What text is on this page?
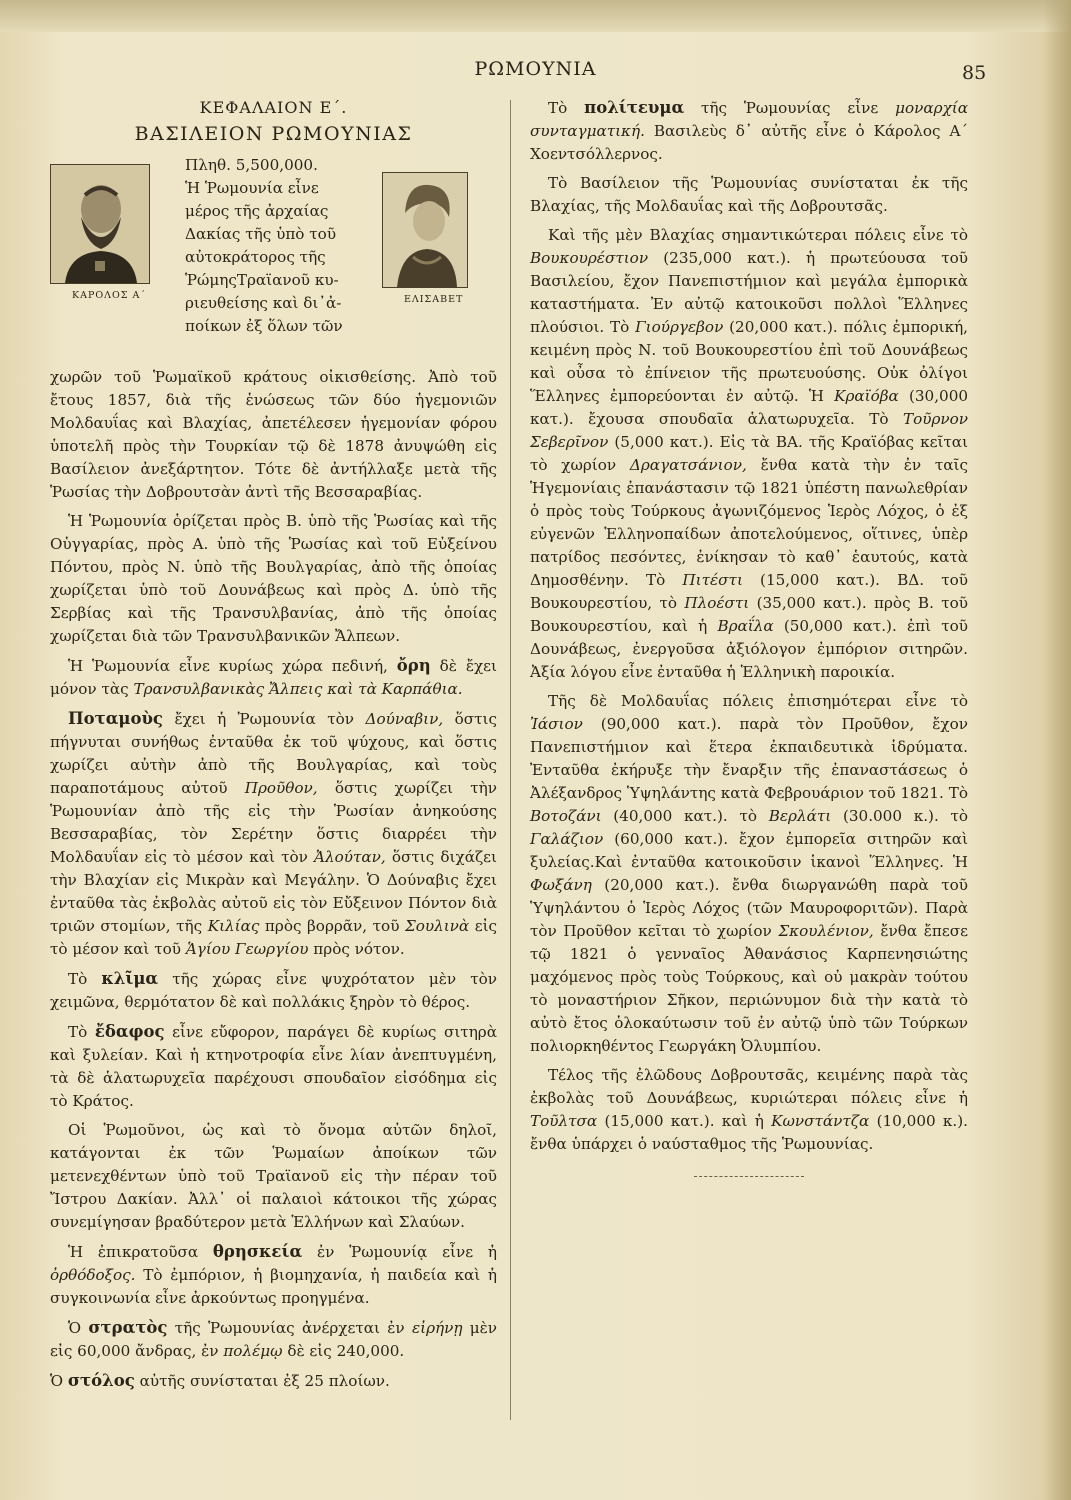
ΡΩΜΟΥΝΙΑ	85
ΚΕΦΑΛΑΙΟΝ Ε΄.
ΒΑΣΙΛΕΙΟΝ ΡΩΜΟΥΝΙΑΣ
ΚΑΡΟΛΟΣ Α΄
Πληθ. 5,500,000.
Ἡ Ῥωμουνία εἶνε
μέρος τῆς ἀρχαίας
Δακίας τῆς ὑπὸ τοῦ
αὐτοκράτορος τῆς
ῬώμηςΤραϊανοῦ κυ-
ριευθείσης καὶ δι᾽ἀ-
ποίκων ἐξ ὅλων τῶν
ΕΛΙΣΑΒΕΤ

χωρῶν τοῦ Ῥωμαϊκοῦ κράτους οἰκισθείσης. Ἀπὸ τοῦ ἔτους 1857, διὰ τῆς ἑνώσεως τῶν δύο ἡγεμονιῶν Μολδαυΐας καὶ Βλαχίας, ἀπετέλεσεν ἡγεμονίαν φόρου ὑποτελῆ πρὸς τὴν Τουρκίαν τῷ δὲ 1878 ἀνυψώθη εἰς Βασίλειον ἀνεξάρτητον. Τότε δὲ ἀντήλλαξε μετὰ τῆς Ῥωσίας τὴν Δοβρουτσὰν ἀντὶ τῆς Βεσσαραβίας.

Ἡ Ῥωμουνία ὁρίζεται πρὸς Β. ὑπὸ τῆς Ῥωσίας καὶ τῆς Οὑγγαρίας, πρὸς Α. ὑπὸ τῆς Ῥωσίας καὶ τοῦ Εὐξείνου Πόντου, πρὸς Ν. ὑπὸ τῆς Βουλγαρίας, ἀπὸ τῆς ὁποίας χωρίζεται ὑπὸ τοῦ Δουνάβεως καὶ πρὸς Δ. ὑπὸ τῆς Σερβίας καὶ τῆς Τρανσυλβανίας, ἀπὸ τῆς ὁποίας χωρίζεται διὰ τῶν Τρανσυλβανικῶν Ἄλπεων.

Ἡ Ῥωμουνία εἶνε κυρίως χώρα πεδινή, ὄρη δὲ ἔχει μόνον τὰς Τρανσυλβανικὰς Ἄλπεις καὶ τὰ Καρπάθια.

Ποταμοὺς ἔχει ἡ Ῥωμουνία τὸν Δούναβιν, ὅστις πήγνυται συνήθως ἐνταῦθα ἐκ τοῦ ψύχους, καὶ ὅστις χωρίζει αὐτὴν ἀπὸ τῆς Βουλγαρίας, καὶ τοὺς παραποτάμους αὐτοῦ Προῦθον, ὅστις χωρίζει τὴν Ῥωμουνίαν ἀπὸ τῆς εἰς τὴν Ῥωσίαν ἀνηκούσης Βεσσαραβίας, τὸν Σερέτην ὅστις διαρρέει τὴν Μολδαυΐαν εἰς τὸ μέσον καὶ τὸν Ἀλούταν, ὅστις διχάζει τὴν Βλαχίαν εἰς Μικρὰν καὶ Μεγάλην. Ὁ Δούναβις ἔχει ἐνταῦθα τὰς ἐκβολὰς αὐτοῦ εἰς τὸν Εὔξεινον Πόντον διὰ τριῶν στομίων, τῆς Κιλίας πρὸς βορρᾶν, τοῦ Σουλινὰ εἰς τὸ μέσον καὶ τοῦ Ἁγίου Γεωργίου πρὸς νότον.

Τὸ κλῖμα τῆς χώρας εἶνε ψυχρότατον μὲν τὸν χειμῶνα, θερμότατον δὲ καὶ πολλάκις ξηρὸν τὸ θέρος.

Τὸ ἔδαφος εἶνε εὔφορον, παράγει δὲ κυρίως σιτηρὰ καὶ ξυλείαν. Καὶ ἡ κτηνοτροφία εἶνε λίαν ἀνεπτυγμένη, τὰ δὲ ἁλατωρυχεῖα παρέχουσι σπουδαῖον εἰσόδημα εἰς τὸ Κράτος.

Οἱ Ῥωμοῦνοι, ὡς καὶ τὸ ὄνομα αὐτῶν δηλοῖ, κατάγονται ἐκ τῶν Ῥωμαίων ἀποίκων τῶν μετενεχθέντων ὑπὸ τοῦ Τραϊανοῦ εἰς τὴν πέραν τοῦ Ἴστρου Δακίαν. Ἀλλ᾽ οἱ παλαιοὶ κάτοικοι τῆς χώρας συνεμίγησαν βραδύτερον μετὰ Ἑλλήνων καὶ Σλαύων.

Ἡ ἐπικρατοῦσα θρησκεία ἐν Ῥωμουνίᾳ εἶνε ἡ ὀρθόδοξος. Τὸ ἐμπόριον, ἡ βιομηχανία, ἡ παιδεία καὶ ἡ συγκοινωνία εἶνε ἀρκούντως προηγμένα.

Ὁ στρατὸς τῆς Ῥωμουνίας ἀνέρχεται ἐν εἰρήνῃ μὲν εἰς 60,000 ἄνδρας, ἐν πολέμῳ δὲ εἰς 240,000.

Ὁ στόλος αὐτῆς συνίσταται ἐξ 25 πλοίων.

Τὸ πολίτευμα τῆς Ῥωμουνίας εἶνε μοναρχία συνταγματική. Βασιλεὺς δ᾽ αὐτῆς εἶνε ὁ Κάρολος Α΄ Χοεντσόλλερνος.

Τὸ Βασίλειον τῆς Ῥωμουνίας συνίσταται ἐκ τῆς Βλαχίας, τῆς Μολδαυΐας καὶ τῆς Δοβρουτσᾶς.

Καὶ τῆς μὲν Βλαχίας σημαντικώτεραι πόλεις εἶνε τὸ Βουκουρέστιον (235,000 κατ.). ἡ πρωτεύουσα τοῦ Βασιλείου, ἔχον Πανεπιστήμιον καὶ μεγάλα ἐμπορικὰ καταστήματα. Ἐν αὐτῷ κατοικοῦσι πολλοὶ Ἕλληνες πλούσιοι. Τὸ Γιούργεβον (20,000 κατ.). πόλις ἐμπορική, κειμένη πρὸς Ν. τοῦ Βουκουρεστίου ἐπὶ τοῦ Δουνάβεως καὶ οὖσα τὸ ἐπίνειον τῆς πρωτευούσης. Οὐκ ὀλίγοι Ἕλληνες ἐμπορεύονται ἐν αὐτῷ. Ἡ Κραϊόβα (30,000 κατ.). ἔχουσα σπουδαῖα ἁλατωρυχεῖα. Τὸ Τοῦρνον Σεβερῖνον (5,000 κατ.). Εἰς τὰ ΒΑ. τῆς Κραϊόβας κεῖται τὸ χωρίον Δραγατσάνιον, ἔνθα κατὰ τὴν ἐν ταῖς Ἡγεμονίαις ἐπανάστασιν τῷ 1821 ὑπέστη πανωλεθρίαν ὁ πρὸς τοὺς Τούρκους ἀγωνιζόμενος Ἱερὸς Λόχος, ὁ ἐξ εὐγενῶν Ἑλληνοπαίδων ἀποτελούμενος, οἵτινες, ὑπὲρ πατρίδος πεσόντες, ἐνίκησαν τὸ καθ᾽ ἑαυτούς, κατὰ Δημοσθένην. Τὸ Πιτέστι (15,000 κατ.). ΒΔ. τοῦ Βουκουρεστίου, τὸ Πλοέστι (35,000 κατ.). πρὸς Β. τοῦ Βουκουρεστίου, καὶ ἡ Βραΐλα (50,000 κατ.). ἐπὶ τοῦ Δουνάβεως, ἐνεργοῦσα ἀξιόλογον ἐμπόριον σιτηρῶν. Ἀξία λόγου εἶνε ἐνταῦθα ἡ Ἑλληνικὴ παροικία.

Τῆς δὲ Μολδαυΐας πόλεις ἐπισημότεραι εἶνε τὸ Ἰάσιον (90,000 κατ.). παρὰ τὸν Προῦθον, ἔχον Πανεπιστήμιον καὶ ἕτερα ἐκπαιδευτικὰ ἱδρύματα. Ἐνταῦθα ἐκήρυξε τὴν ἔναρξιν τῆς ἐπαναστάσεως ὁ Ἀλέξανδρος Ὑψηλάντης κατὰ Φεβρουάριον τοῦ 1821. Τὸ Βοτοζάνι (40,000 κατ.). τὸ Βερλάτι (30.000 κ.). τὸ Γαλάζιον (60,000 κατ.). ἔχον ἐμπορεῖα σιτηρῶν καὶ ξυλείας.Καὶ ἐνταῦθα κατοικοῦσιν ἱκανοὶ Ἕλληνες. Ἡ Φωξάνη (20,000 κατ.). ἔνθα διωργανώθη παρὰ τοῦ Ὑψηλάντου ὁ Ἱερὸς Λόχος (τῶν Μαυροφοριτῶν). Παρὰ τὸν Προῦθον κεῖται τὸ χωρίον Σκουλένιον, ἔνθα ἔπεσε τῷ 1821 ὁ γενναῖος Ἀθανάσιος Καρπενησιώτης μαχόμενος πρὸς τοὺς Τούρκους, καὶ οὐ μακρὰν τούτου τὸ μοναστήριον Σῆκον, περιώνυμον διὰ τὴν κατὰ τὸ αὐτὸ ἔτος ὁλοκαύτωσιν τοῦ ἐν αὐτῷ ὑπὸ τῶν Τούρκων πολιορκηθέντος Γεωργάκη Ὀλυμπίου.

Τέλος τῆς ἐλῶδους Δοβρουτσᾶς, κειμένης παρὰ τὰς ἐκβολὰς τοῦ Δουνάβεως, κυριώτεραι πόλεις εἶνε ἡ Τοῦλτσα (15,000 κατ.). καὶ ἡ Κωνστάντζα (10,000 κ.). ἔνθα ὑπάρχει ὁ ναύσταθμος τῆς Ῥωμουνίας.
